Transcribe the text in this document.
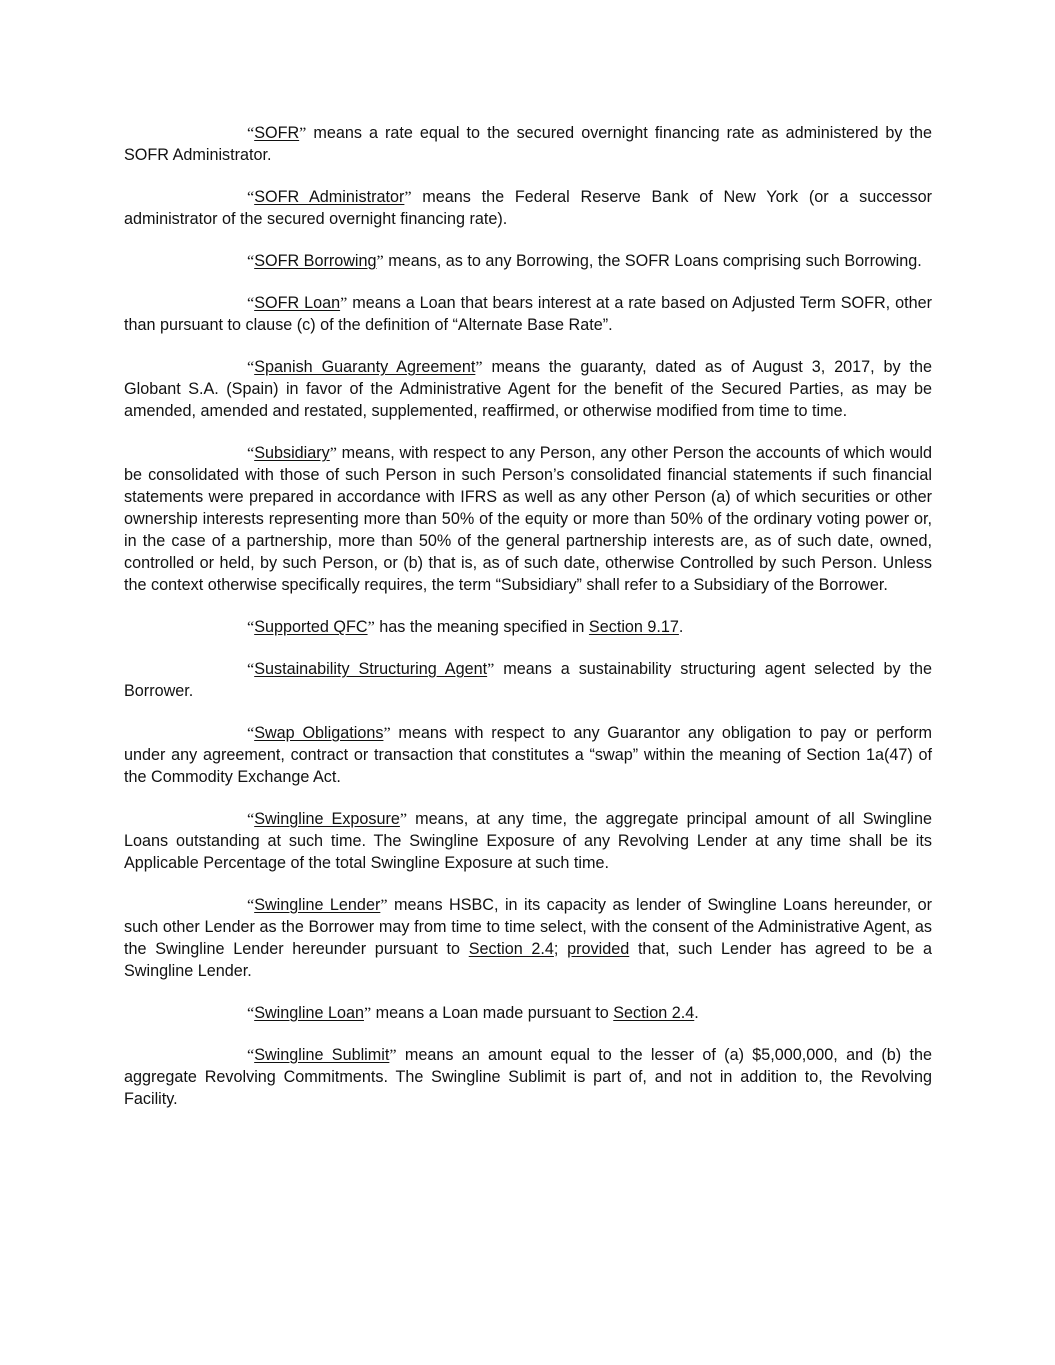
“SOFR” means a rate equal to the secured overnight financing rate as administered by the SOFR Administrator.

“SOFR Administrator” means the Federal Reserve Bank of New York (or a successor administrator of the secured overnight financing rate).

“SOFR Borrowing” means, as to any Borrowing, the SOFR Loans comprising such Borrowing.

“SOFR Loan” means a Loan that bears interest at a rate based on Adjusted Term SOFR, other than pursuant to clause (c) of the definition of “Alternate Base Rate”.

“Spanish Guaranty Agreement” means the guaranty, dated as of August 3, 2017, by the Globant S.A. (Spain) in favor of the Administrative Agent for the benefit of the Secured Parties, as may be amended, amended and restated, supplemented, reaffirmed, or otherwise modified from time to time.

“Subsidiary” means, with respect to any Person, any other Person the accounts of which would be consolidated with those of such Person in such Person’s consolidated financial statements if such financial statements were prepared in accordance with IFRS as well as any other Person (a) of which securities or other ownership interests representing more than 50% of the equity or more than 50% of the ordinary voting power or, in the case of a partnership, more than 50% of the general partnership interests are, as of such date, owned, controlled or held, by such Person, or (b) that is, as of such date, otherwise Controlled by such Person. Unless the context otherwise specifically requires, the term “Subsidiary” shall refer to a Subsidiary of the Borrower.

“Supported QFC” has the meaning specified in Section 9.17.

“Sustainability Structuring Agent” means a sustainability structuring agent selected by the Borrower.

“Swap Obligations” means with respect to any Guarantor any obligation to pay or perform under any agreement, contract or transaction that constitutes a “swap” within the meaning of Section 1a(47) of the Commodity Exchange Act.

“Swingline Exposure” means, at any time, the aggregate principal amount of all Swingline Loans outstanding at such time. The Swingline Exposure of any Revolving Lender at any time shall be its Applicable Percentage of the total Swingline Exposure at such time.

“Swingline Lender” means HSBC, in its capacity as lender of Swingline Loans hereunder, or such other Lender as the Borrower may from time to time select, with the consent of the Administrative Agent, as the Swingline Lender hereunder pursuant to Section 2.4; provided that, such Lender has agreed to be a Swingline Lender.

“Swingline Loan” means a Loan made pursuant to Section 2.4.

“Swingline Sublimit” means an amount equal to the lesser of (a) $5,000,000, and (b) the aggregate Revolving Commitments. The Swingline Sublimit is part of, and not in addition to, the Revolving Facility.
